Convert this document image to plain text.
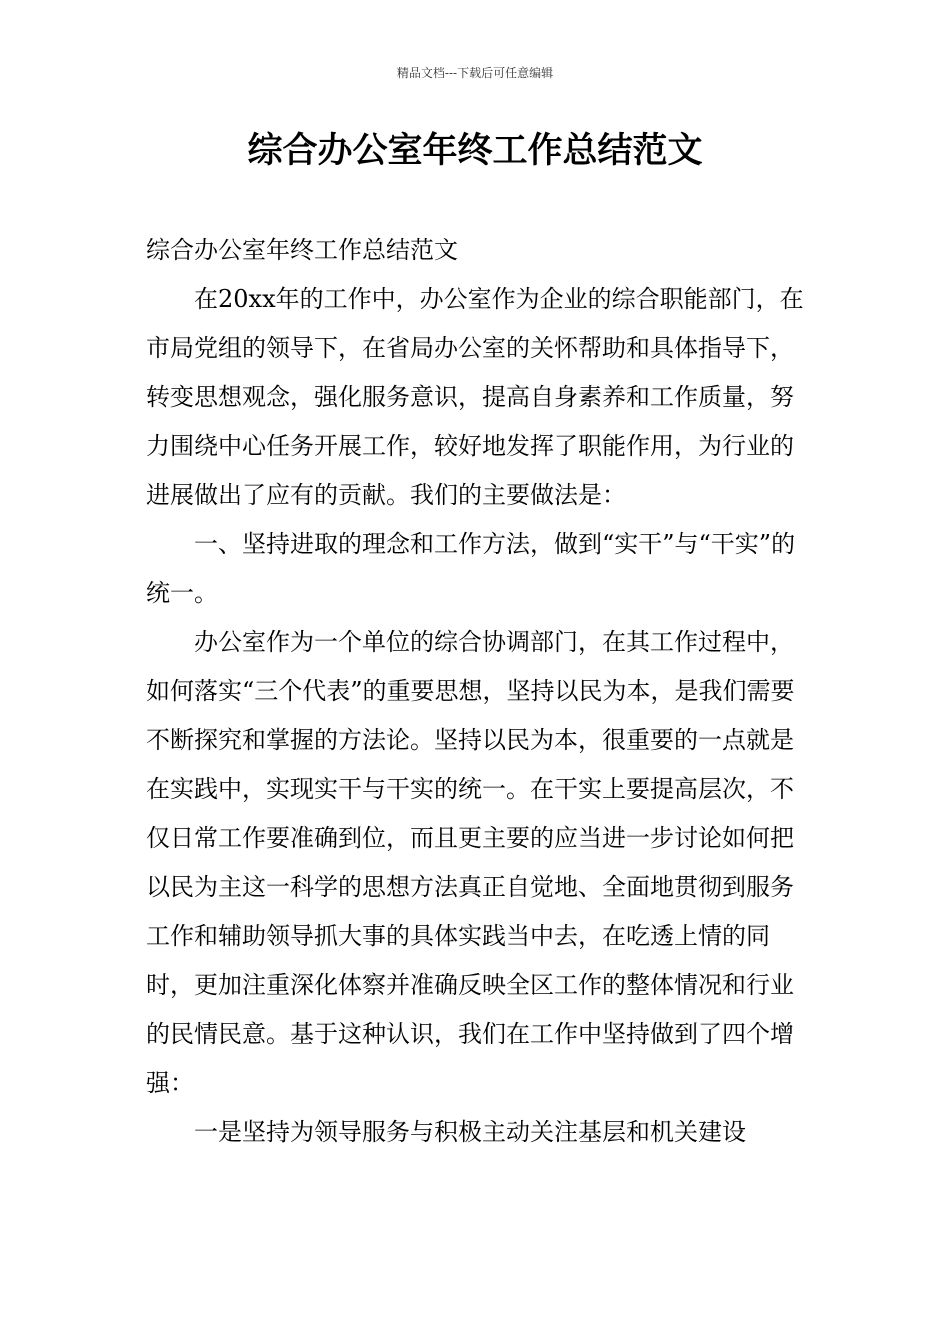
精品文档---下载后可任意编辑
综合办公室年终工作总结范文

综合办公室年终工作总结范文

在20xx年的工作中，办公室作为企业的综合职能部门，在市局党组的领导下，在省局办公室的关怀帮助和具体指导下，转变思想观念，强化服务意识，提高自身素养和工作质量，努力围绕中心任务开展工作，较好地发挥了职能作用，为行业的进展做出了应有的贡献。我们的主要做法是：

一、坚持进取的理念和工作方法，做到“实干”与“干实”的统一。

办公室作为一个单位的综合协调部门，在其工作过程中，如何落实“三个代表”的重要思想，坚持以民为本，是我们需要不断探究和掌握的方法论。坚持以民为本，很重要的一点就是在实践中，实现实干与干实的统一。在干实上要提高层次，不仅日常工作要准确到位，而且更主要的应当进一步讨论如何把以民为主这一科学的思想方法真正自觉地、全面地贯彻到服务工作和辅助领导抓大事的具体实践当中去，在吃透上情的同时，更加注重深化体察并准确反映全区工作的整体情况和行业的民情民意。基于这种认识，我们在工作中坚持做到了四个增强：

一是坚持为领导服务与积极主动关注基层和机关建设
